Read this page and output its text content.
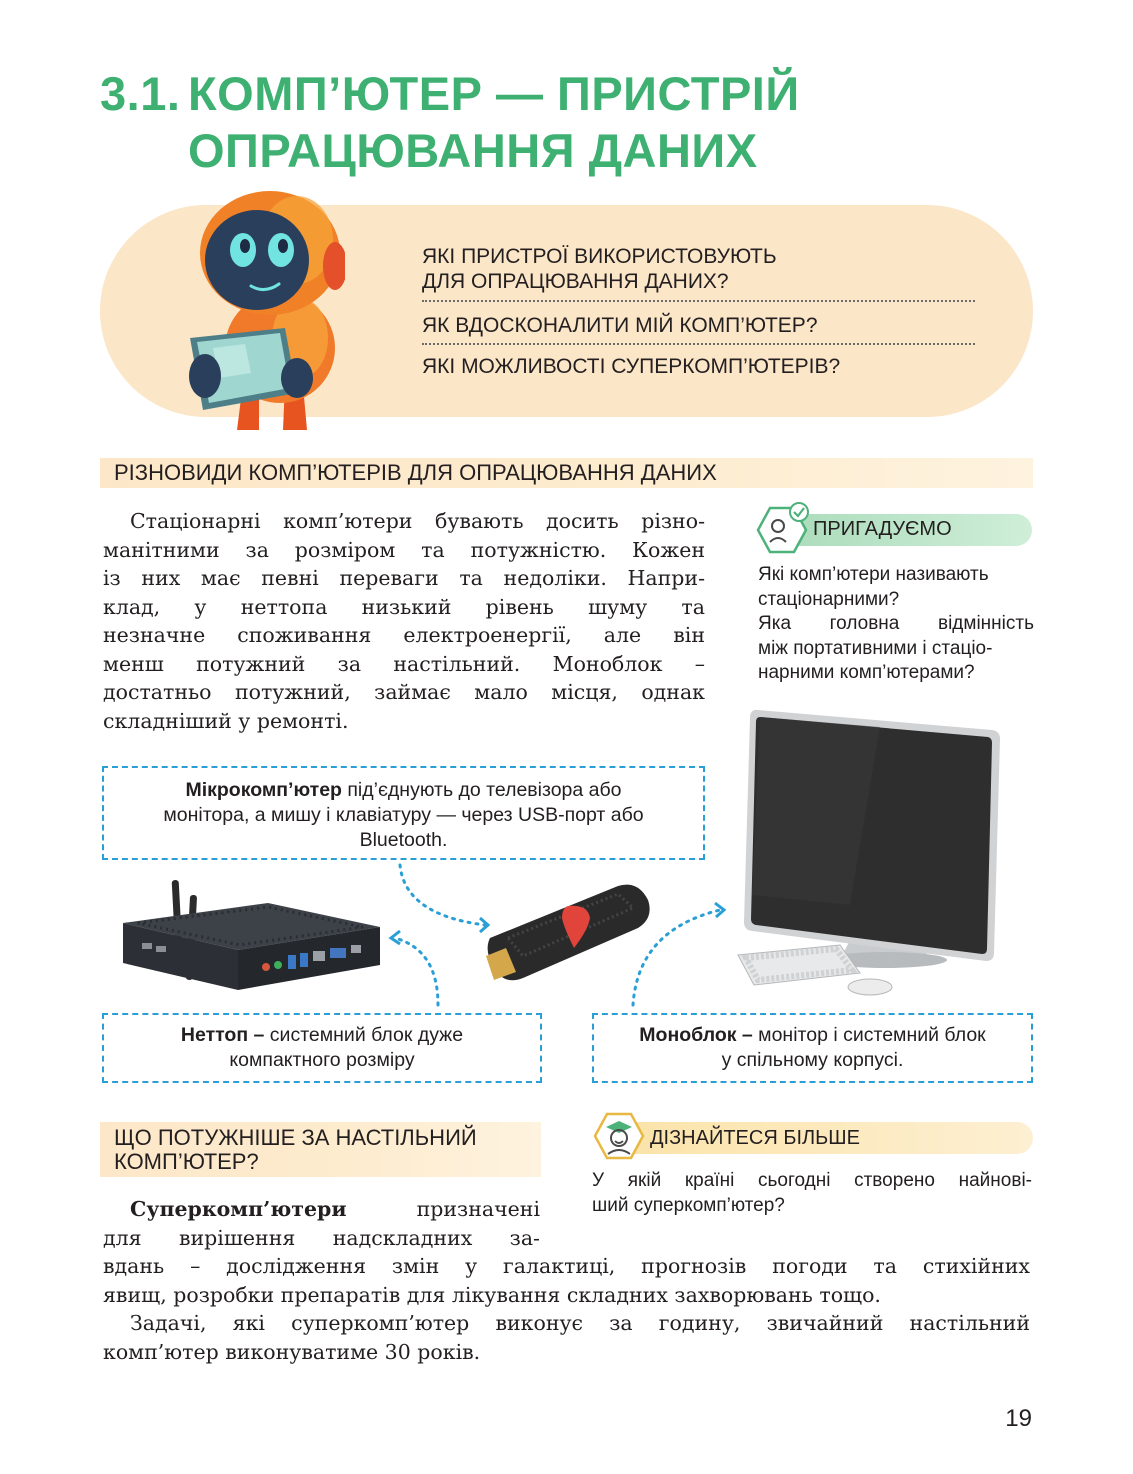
3.1. КОМП’ЮТЕР — ПРИСТРІЙ
ОПРАЦЮВАННЯ ДАНИХ
ЯКІ ПРИСТРОЇ ВИКОРИСТОВУЮТЬ
ДЛЯ ОПРАЦЮВАННЯ ДАНИХ?
ЯК ВДОСКОНАЛИТИ МІЙ КОМП’ЮТЕР?
ЯКІ МОЖЛИВОСТІ СУПЕРКОМП’ЮТЕРІВ?
РІЗНОВИДИ КОМП’ЮТЕРІВ ДЛЯ ОПРАЦЮВАННЯ ДАНИХ
Стаціонарні комп’ютери бувають досить різно-
манітними за розміром та потужністю. Кожен
із них має певні переваги та недоліки. Напри-
клад, у неттопа низький рівень шуму та
незначне споживання електроенергії, але він
менш потужний за настільний. Моноблок –
достатньо потужний, займає мало місця, однак
складніший у ремонті.
ПРИГАДУЄМО
Які комп’ютери називають
стаціонарними?
Яка головна відмінність
між портативними і стаціо-
нарними комп’ютерами?
Мікрокомп’ютер під’єднують до телевізора або
монітора, а мишу і клавіатуру — через USB-порт або
Bluetooth.
Неттоп – системний блок дуже
компактного розміру
Моноблок – монітор і системний блок
у спільному корпусі.
ЩО ПОТУЖНІШЕ ЗА НАСТІЛЬНИЙ
КОМП’ЮТЕР?
ДІЗНАЙТЕСЯ БІЛЬШЕ
У якій країні сьогодні створено найнові-
ший суперкомп’ютер?
Суперкомп’ютери призначені
для вирішення надскладних за-
вдань – дослідження змін у галактиці, прогнозів погоди та стихійних
явищ, розробки препаратів для лікування складних захворювань тощо.
Задачі, які суперкомп’ютер виконує за годину, звичайний настільний
комп’ютер виконуватиме 30 років.
19
